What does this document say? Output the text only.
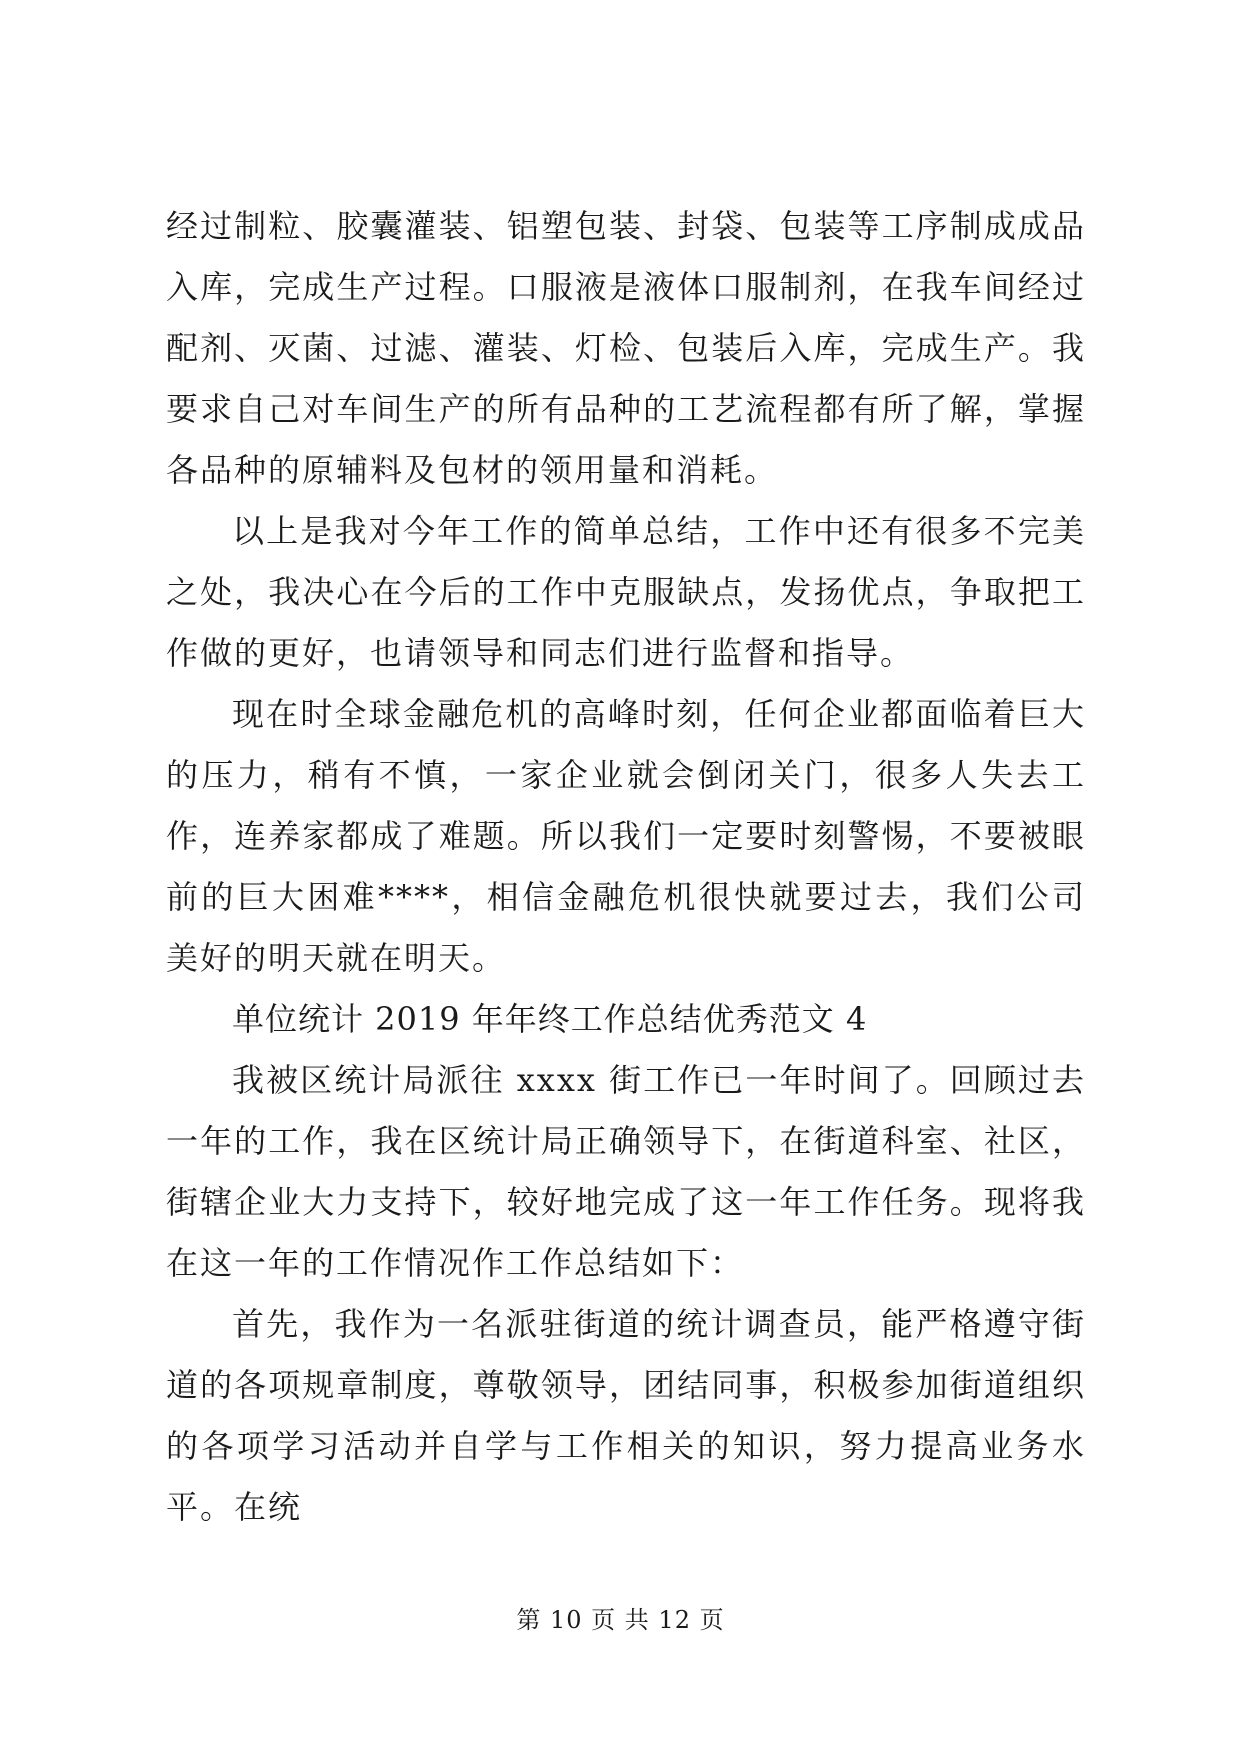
经过制粒、胶囊灌装、铝塑包装、封袋、包装等工序制成成品入库，完成生产过程。口服液是液体口服制剂，在我车间经过配剂、灭菌、过滤、灌装、灯检、包装后入库，完成生产。我要求自己对车间生产的所有品种的工艺流程都有所了解，掌握各品种的原辅料及包材的领用量和消耗。

以上是我对今年工作的简单总结，工作中还有很多不完美之处，我决心在今后的工作中克服缺点，发扬优点，争取把工作做的更好，也请领导和同志们进行监督和指导。

现在时全球金融危机的高峰时刻，任何企业都面临着巨大的压力，稍有不慎，一家企业就会倒闭关门，很多人失去工作，连养家都成了难题。所以我们一定要时刻警惕，不要被眼前的巨大困难****，相信金融危机很快就要过去，我们公司美好的明天就在明天。

单位统计 2019 年年终工作总结优秀范文 4

我被区统计局派往 xxxx 街工作已一年时间了。回顾过去一年的工作，我在区统计局正确领导下，在街道科室、社区，街辖企业大力支持下，较好地完成了这一年工作任务。现将我在这一年的工作情况作工作总结如下：

首先，我作为一名派驻街道的统计调查员，能严格遵守街道的各项规章制度，尊敬领导，团结同事，积极参加街道组织的各项学习活动并自学与工作相关的知识，努力提高业务水平。在统

第 10 页 共 12 页
